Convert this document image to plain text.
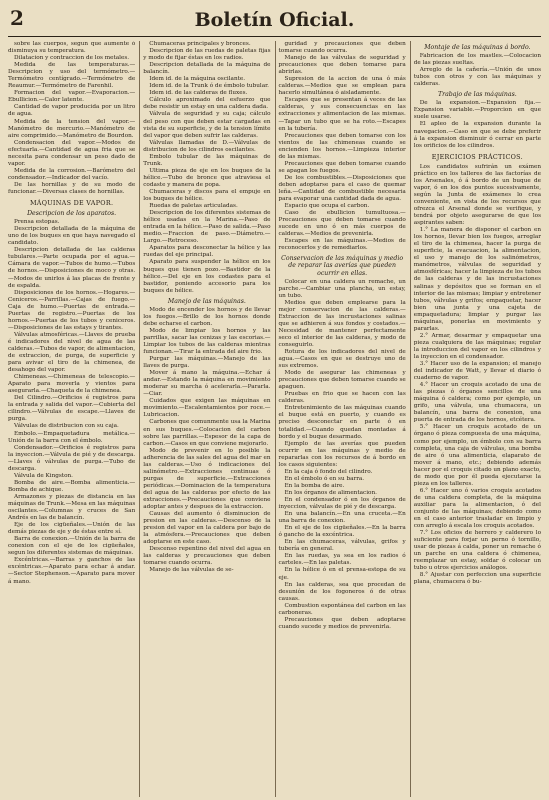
2	Boletín Oficial.

sobre las cuerpos, segun que aumente ó disminuya su temperatura.

Dilatacion y contraccion de los metales.

Medida de las temperaturas.—Descripcion y uso del termómetro.—Termómetro centígrado.—Termómetro de Reaumur.—Termómetro de Farenhil.

Formacion del vapor.—Evaporacion.—Ebullicion.—Calor latente.

Cantidad de vapor producida por un litro de agua.

Medida de la tension del vapor.—Manómetro de mercurio.—Manómetro de aire comprimido.—Manómetro de Bourdon.

Condensacion del vapor.—Modos de efectuarla.—Cantidad de agua fria que se necesita para condensar un peso dado de vapor.

Medida de la corrosion.—Barómetro del condensador.—Indicador del vacío.

De las hornillas y de su modo de funcionar.—Diversas clases de hornillas.

MÁQUINAS DE VAPOR.
Descripcion de los aparatos.

Prensa estopas.

Descripcion detallada de la máquina de uno de los buques en que haya navegado el candidato.

Descripcion detallada de las calderas tubulares.—Parte ocupada por el agua.—Cámara de vapor.—Tubos de humo.—Tubos de hornos.—Disposiciones de moco y otras.—Modos de unirlos á las placas de frente y de espalda.

Disposiciones de los hornos.—Hogares.—Ceniceros.—Parrillas.—Cajas de fuego.—Caja de humo.—Puertas de entrada.—Puertas de registro.—Puertas de los hornos.—Puertas de los tubos y ceniceros.—Disposiciones de las estays y tirantes.

Válvulas atmosféricas.—Llaves de prueba é indicadores del nivel de agua de las calderas.—Tubos de vapor, de alimentacion, de extraccion, de purga, de superficie y para avivar el tiro de la chimenea, de desahogo del vapor.

Chimeneas.—Chimeneas de telescopio.—Aparato para moverla y vientos para asegurarla.—Chaqueta de la chimenea.

Del Cilindro.—Orificios é registros para la entrada y salida del vapor.—Cubierta del cilindro.—Válvulas de escape.—Llaves de purga.

Válvulas de distribucion con su caja.

Embolo.—Empaquetadura metálica.—Unión de la barra con el émbolo.

Condensador.—Orificios é registros para la inyeccion.—Válvula de pié y de descarga.—Llaves ó válvulas de purga.—Tubo de descarga.

Válvula de Kingston.

Bomba de aire.—Bomba alimenticia.—Bomba de achique.

Armazones y piezas de distancia en las máquinas de Trunk.—Mesa en las máquinas oscilantes.—Columnas y cruces de San Andrés en las de balancín.

Eje de los cigüeñales.—Unión de las demás piezas de eje y de éstas entre sí.

Barra de conexion.—Unión de la barra de conexion con el eje de los cigüeñales, segun los diferentes sistemas de máquinas.

Excéntricas.—Barras y ganchos de las excéntricas.—Aparato para echar á andar.—Sector Stephenson.—Aparato para mover á mano.

Chumaceras principales y bronces.

Descripcion de las ruedas de paletas fijas y modo de fijar éstas en los radios.

Descripcion detallada de la máquina de balancín.

Idem id. de la máquina oscilante.

Idem id. de la Trunk ó de émbolo tubular.

Idem id. de las calderas de fluxes.

Cálculo aproximado del esfuerzo que debe resistir un estay en una caldera dada.

Válvula de seguridad y su caja; cálculo del peso con que deben estar cargadas en vista de su superficie, y de la tension límite del vapor que deben sufrir las calderas.

Válvulas llamadas de D.—Válvulas de distribucion de los cilindros oscilantes.

Embolo tubular de las máquinas de Trunk.

Ultima pieza de eje en los buques de la hélice.—Tubo de bronce que atraviesa el codaste y manera de popa.

Chumaceras y discos para el empuje en los buques de hélice.

Ruedas de paletas articuladas.

Descripcion de los diferentes sistemas de hélice usadas en la Marina.—Paso de entrada en la hélice.—Paso de salida.—Paso medio.—Fraccion de paso.—Diámetro.—Largo.—Retroceso.

Aparatos para desconectar la hélice y las ruedas del eje principal.

Aparato para suspender la hélice en los buques que tienen pozo.—Bastidor de la hélice.—Del eje en los codastes para el bastidor, poniendo accesorio para los buques de hélice.

Manejo de las máquinas.

Modo de encender los hornos y de llevar los fuegos.—Brillo de los hornos donde debe echarse el carbon.

Modo de limpiar los hornos y las parrillas, sacar las cenizas y las escorias.—Limpiar los tubos de las calderas mientras funcionan.—Tirar la entrada del aire frio.

Purgar las máquinas.—Manejo de las llaves de purga.

Mover á mano la máquina.—Echar á andar.—Estando la máquina en movimiento moderar su marcha ó acelerarla.—Pararla.—Ciar.

Cuidados que exigen las máquinas en movimiento.—Escalentamientos por roce.—Lubricacion.

Carbones que comunmente usa la Marina en sus buques.—Colocacion del carbon sobre las parrillas.—Espesor de la capa de carbon.—Casos en que conviene mejorarlo.

Modo de prevenir en lo posible la adherencia de las sales del agua del mar en las calderas.—Uso ó indicaciones del salinómetro.—Extracciones continuas ó purgas de superficie.—Extracciones periódicas.—Dominacion de la temperatura del agua de las calderas por efecto de las extracciones.—Precauciones que conviene adoptar antes y despues de la extraccion.

Causas del aumento ó disminucion de presion en las calderas.—Descenso de la presion del vapor en la caldera por bajo de la atmósfera.—Precauciones que deben adoptarse en este caso.

Descenso repentino del nivel del agua en las calderas y precauciones que deben tomarse cuando ocurra.

Manejo de las válvulas de se-

guridad y precauciones que deben tomarse cuando ocurra.

Manejo de las válvulas de seguridad y precauciones que deben tomarse para abrirlas.

Supresion de la accion de una ó más calderas.—Medios que se emplean para hacerlo simultánea ó aisladamente.

Escapes que se presentan á veces de las calderas, y sus consecuencias en las extracciones y alimentacion de las mismas.—Tapar un tubo que se ha roto.—Escapes en la tubería.

Precauciones que deben tomarse con los vientos de las chimeneas cuando se encienden los hornos.—Limpieza interior de las mismas.

Precauciones que deben tomarse cuando se apagan los fuegos.

De los combustibles.—Disposiciones que deben adoptarse para el caso de quemar leña.—Cantidad de combustible necesaria para evaporar una cantidad dada de agua.

Espacio que ocupa el carbon.

Caso de ebullicion tumultuosa.—Precauciones que deben tomarse cuando sucede en uno ó en más cuerpos de calderas.—Medios de prevenirla.

Escapes en las máquinas.—Medios de reconocerlos y de remediarlos.

Conservacion de las máquinas y medio de reparar las averías que pueden ocurrir en ellas.

Colocar en una caldera un remache, un parche.—Cambiar una plancha, un estay, un tubo.

Medios que deben emplearse para la mejor conservacion de las calderas.—Extraccion de las incrustaciones salinas que se adhieren á sus fondos y costados.—Necesidad de mantener perfectamente seco el interior de las calderas, y modo de conseguirlo.

Rotura de los indicadores del nivel de agua.—Casos en que se destruye uno de sus extremos.

Modo de asegurar las chimeneas y precauciones que deben tomarse cuando se apaguen.

Pruebas en frio que se hacen con las calderas.

Entretenimiento de las máquinas cuando el buque está en puerto, y cuando es preciso desconectar en parte ó en totalidad.—Cuando quedan montadas á bordo y el buque desarmado.

Ejemplo de las averías que pueden ocurrir en las máquinas y medio de repararlas con los recursos de á bordo en los casos siguientes:

En la caja ó fondo del cilindro.

En el émbolo ó en su barra.

En la bomba de aire.

En los órganos de alimentacion.

En el condensador ó en los órganos de inyeccion, válvulas de pié y de descarga.

En una balancín.—En una cruceta.—En una barra de conexion.

En el eje de los cigüeñales.—En la barra ó gancho de la excéntrica.

En las chumaceras, válvulas, grifos y tubería en general.

En las ruedas, ya sea en los radios ó carteles.—En las paletas.

En la hélice ó en el prensa-estopa de su eje.

En las calderas, sea que procedan de desunión de los fogoneros ó de otras causas.

Combustion espontánea del carbon en las carboneras.

Precauciones que deben adoptarse cuando sucede y medios de prevenirla.

Montaje de las máquinas á bordo.

Fabricacion de los mastles.—Colocacion de las piezas sueltas.

Arreglo de la cañería.—Unión de unos tubos con otros y con las máquinas y calderas.

Trabajo de las máquinas.

De la expansion.—Expansion fija.—Expansion variable.—Proporcion en que suele usarse.

El apleo de la expansion durante la navegacion.—Caso en que se debe preferir á la expansion disminuir ó cerrar en parte los orificios de los cilindros.

EJERCICIOS PRÁCTICOS.

Los candidatos sufrirán un exámen práctico en los talleres de las factorías de los Arsenales, ó á bordo de un buque de vapor, ó en los dos puntos sucesivamente, según la Junta de exámenes lo crea conveniente, en vista de los recursos que ofrezca el Arsenal donde se verifique, y tendrá por objeto asegurarse de que los aspirantes saben:

1.° La manera de disponer el carbon en los hornos, llevar bien los fuegos, arreglar el tiro de la chimenea, hacer la purga de superficie, la evacuacion, la alimentacion, el uso y manejo de los salinómetros, manómetros, válvulas de seguridad y atmosféricas; hacer la limpieza de los tubos de las calderas y de las incrustaciones salinas y depósitos que se forman en el interior de las mismas; limpiar y entretener tubos, válvulas y grifos; empaquetar, hacer bien una junta y una cajeta de empaquetadura; limpiar y purgar las máquinas, ponerlas en movimiento y pararlas.

2.° Armar, desarmar y empaquetar una pieza cualquiera de las máquinas; regular la introduccion del vapor en los cilindros y la inyeccion en el condensador.

3.° Hacer uso de la expansion; el manejo del indicador de Watt, y llevar el diario ó cuaderno de vapor.

4.° Hacer un croquis acotado de una de las piezas ó órganos sencillos de una máquina ó caldera; como por ejemplo, un grifo, una válvula, una chumacera, un balancín, una barra de conexion, una puerta de entrada de los hornos, etcétera.

5.° Hacer un croquis acotado de un órgano ó pieza compuesta de una máquina, como por ejemplo, un émbolo con su barra completa, una caja de válvulas, una bomba de aire ó una alimenticia, elaparato de mover á mano, etc.; debiendo además hacer por el croquis citado un plano exacto, de modo que por él pueda ejecutarse la pieza en los talleres.

6.° Hacer uno ó varios croquis acotados de una caldera completa, de la máquina auxiliar para la alimentacion, ó del conjunto de las máquinas; debiendo como en el caso anterior trasladar en limpio y con arreglo á escala los croquis acotados.

7.° Los oficios de herrero y calderero lo suficiente para forjar un perno ó tornillo, usar de piezas á calda, poner un remache ó un parche en una caldera ó chimenea, reemplazar un estay, soldar ó colocar un tubo u otros ejercicios análogos.

8.° Ajustar con perfeccion una superficie plana, chumacera ó bu-
